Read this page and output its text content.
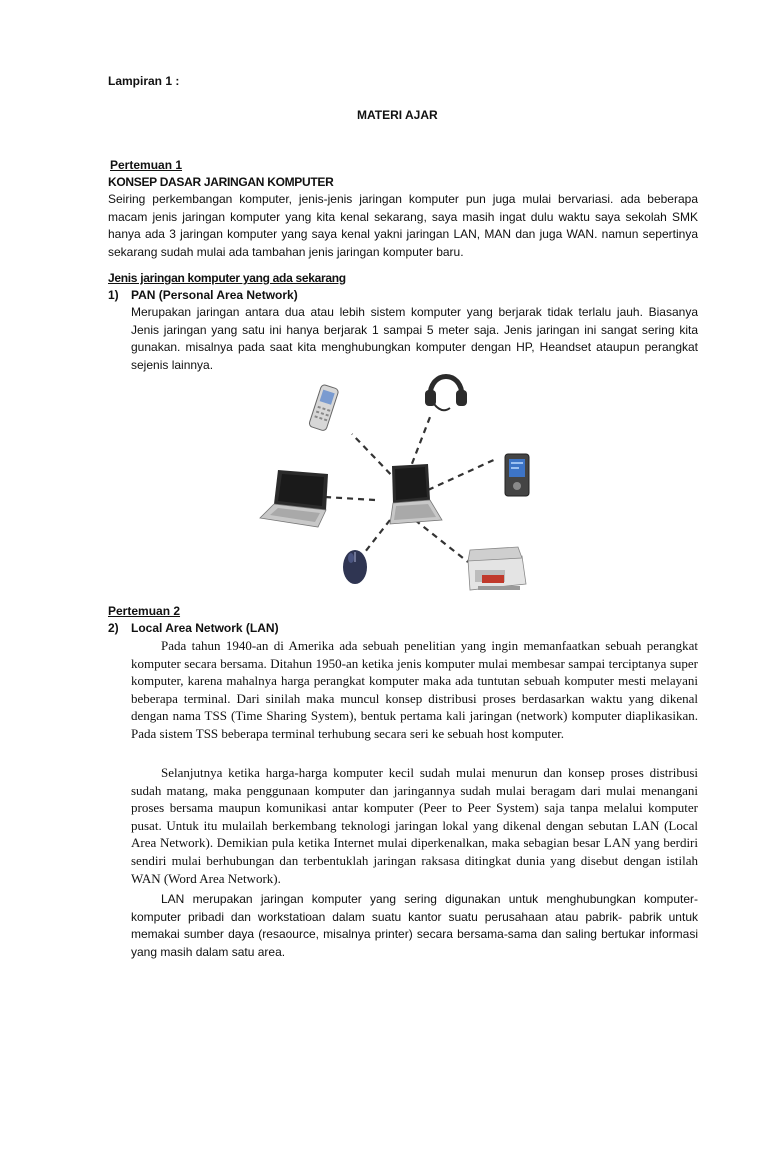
Lampiran 1 :
MATERI AJAR
Pertemuan 1
KONSEP DASAR JARINGAN KOMPUTER

Seiring perkembangan komputer, jenis-jenis jaringan komputer pun juga mulai bervariasi. ada beberapa macam jenis jaringan komputer yang kita kenal sekarang, saya masih ingat dulu waktu saya sekolah SMK hanya ada 3 jaringan komputer yang saya kenal yakni jaringan LAN, MAN dan juga WAN. namun sepertinya sekarang sudah mulai ada tambahan jenis jaringan komputer baru.

Jenis jaringan komputer yang ada sekarang
1) PAN (Personal Area Network)

Merupakan jaringan antara dua atau lebih sistem komputer yang berjarak tidak terlalu jauh. Biasanya Jenis jaringan yang satu ini hanya berjarak 1 sampai 5 meter saja. Jenis jaringan ini sangat sering kita gunakan. misalnya pada saat kita menghubungkan komputer dengan HP, Heandset ataupun perangkat sejenis lainnya.

Pertemuan 2
2) Local Area Network (LAN)

Pada tahun 1940-an di Amerika ada sebuah penelitian yang ingin memanfaatkan sebuah perangkat komputer secara bersama. Ditahun 1950-an ketika jenis komputer mulai membesar sampai terciptanya super komputer, karena mahalnya harga perangkat komputer maka ada tuntutan sebuah komputer mesti melayani beberapa terminal. Dari sinilah maka muncul konsep distribusi proses berdasarkan waktu yang dikenal dengan nama TSS (Time Sharing System), bentuk pertama kali jaringan (network) komputer diaplikasikan. Pada sistem TSS beberapa terminal terhubung secara seri ke sebuah host komputer.

Selanjutnya ketika harga-harga komputer kecil sudah mulai menurun dan konsep proses distribusi sudah matang, maka penggunaan komputer dan jaringannya sudah mulai beragam dari mulai menangani proses bersama maupun komunikasi antar komputer (Peer to Peer System) saja tanpa melalui komputer pusat. Untuk itu mulailah berkembang teknologi jaringan lokal yang dikenal dengan sebutan LAN (Local Area Network). Demikian pula ketika Internet mulai diperkenalkan, maka sebagian besar LAN yang berdiri sendiri mulai berhubungan dan terbentuklah jaringan raksasa ditingkat dunia yang disebut dengan istilah WAN (Word Area Network).

LAN merupakan jaringan komputer yang sering digunakan untuk menghubungkan komputer-komputer pribadi dan workstatioan dalam suatu kantor suatu perusahaan atau pabrik- pabrik untuk memakai sumber daya (resaource, misalnya printer) secara bersama-sama dan saling bertukar informasi yang masih dalam satu area.
